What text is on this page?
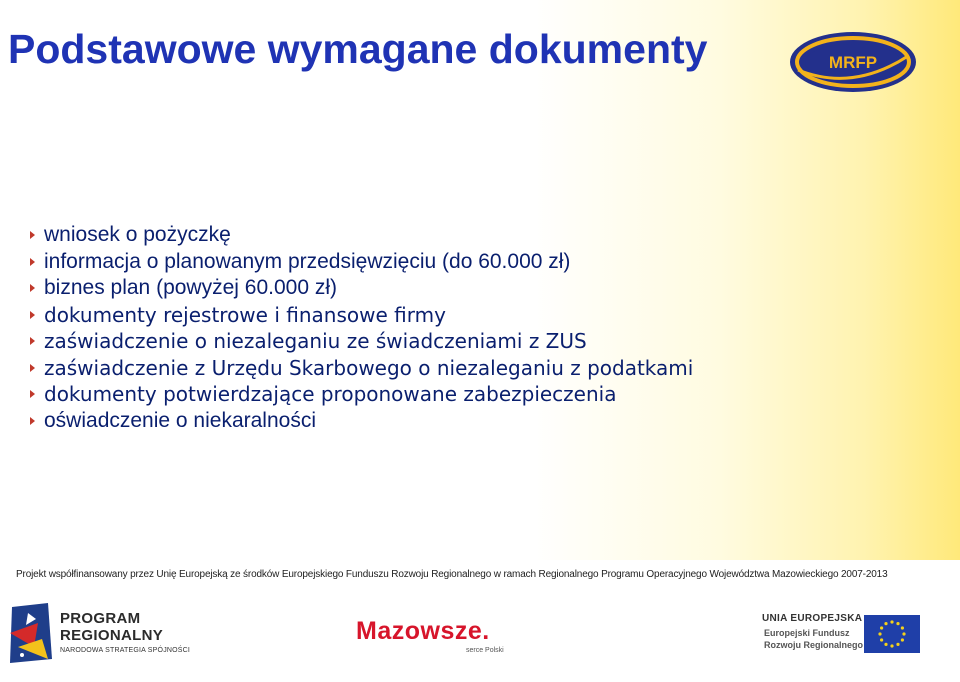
Podstawowe wymagane dokumenty	MRFP
wniosek o pożyczkę
informacja o planowanym przedsięwzięciu (do 60.000 zł)
biznes plan (powyżej 60.000 zł)
dokumenty rejestrowe i finansowe firmy
zaświadczenie o niezaleganiu ze świadczeniami z ZUS
zaświadczenie z Urzędu Skarbowego o niezaleganiu z podatkami
dokumenty potwierdzające proponowane zabezpieczenia
oświadczenie o niekaralności
Projekt współfinansowany przez Unię Europejską ze środków Europejskiego Funduszu Rozwoju Regionalnego w ramach Regionalnego Programu Operacyjnego Województwa Mazowieckiego 2007-2013
PROGRAM
REGIONALNY
NARODOWA STRATEGIA SPÓJNOŚCI
Mazowsze.
serce Polski
UNIA EUROPEJSKA
Europejski Fundusz
Rozwoju Regionalnego
